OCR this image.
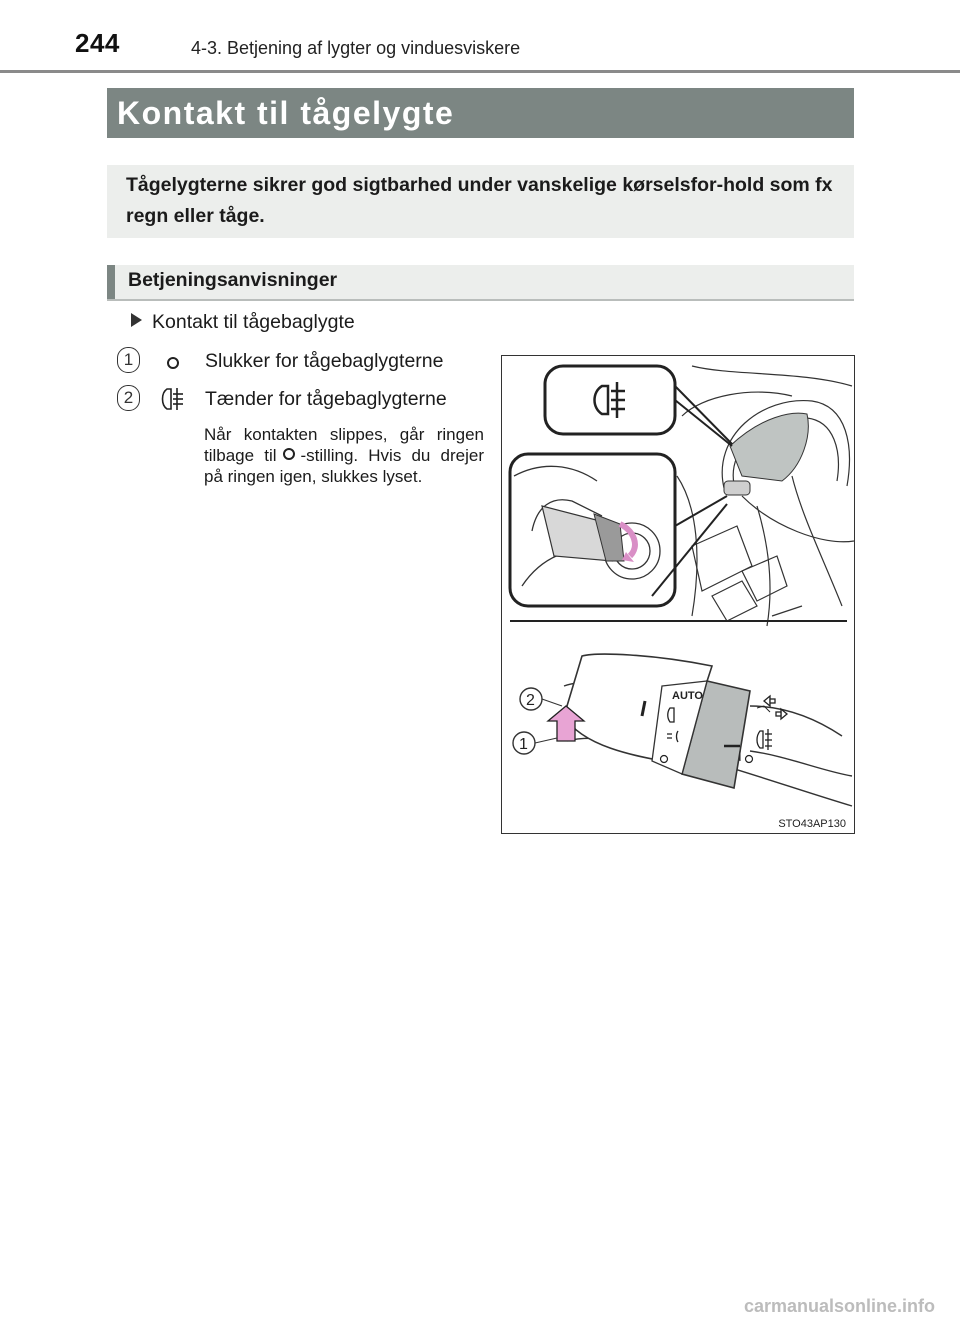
244	4-3. Betjening af lygter og vinduesviskere
Kontakt til tågelygte

Tågelygterne sikrer god sigtbarhed under vanskelige kørselsfor-hold som fx regn eller tåge.

Betjeningsanvisninger
Kontakt til tågebaglygte
1	Slukker for tågebaglygterne
2	Tænder for tågebaglygterne
Når kontakten slippes, går ringen tilbage til -stilling. Hvis du drejer på ringen igen, slukkes lyset.
AUTO
2
1
STO43AP130
carmanualsonline.info
